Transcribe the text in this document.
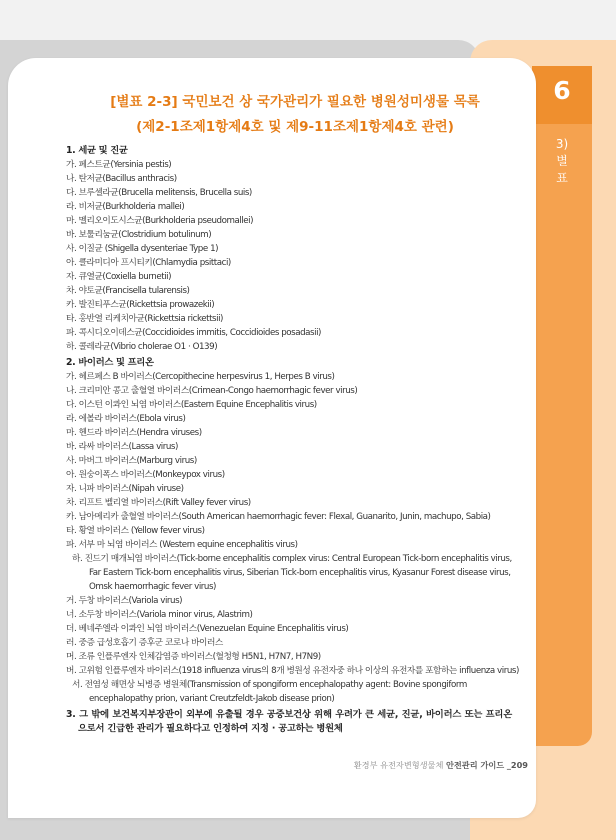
6
3)
별
표
[별표 2-3] 국민보건 상 국가관리가 필요한 병원성미생물 목록
(제2-1조제1항제4호 및 제9-11조제1항제4호 관련)
1. 세균 및 진균
가. 페스트균(Yersinia pestis)
나. 탄저균(Bacillus anthracis)
다. 브루셀라균(Brucella melitensis, Brucella suis)
라. 비저균(Burkholderia mallei)
마. 멜리오이도시스균(Burkholderia pseudomallei)
바. 보툴리눔균(Clostridium botulinum)
사. 이질균 (Shigella dysenteriae Type 1)
아. 클라미디아 프시티키(Chlamydia psittaci)
자. 큐열균(Coxiella burnetii)
차. 야토균(Francisella tularensis)
카. 발진티푸스균(Rickettsia prowazekii)
타. 홍반열 리케치아균(Rickettsia rickettsii)
파. 콕시디오이데스균(Coccidioides immitis, Coccidioides posadasii)
하. 콜레라균(Vibrio cholerae O1 · O139)
2. 바이러스 및 프리온
가. 헤르페스 B 바이러스(Cercopithecine herpesvirus 1, Herpes B virus)
나. 크리미안 콩고 출혈열 바이러스(Crimean-Congo haemorrhagic fever virus)
다. 이스턴 이콰인 뇌염 바이러스(Eastern Equine Encephalitis virus)
라. 에볼라 바이러스(Ebola virus)
마. 헨드라 바이러스(Hendra viruses)
바. 라싸 바이러스(Lassa virus)
사. 마버그 바이러스(Marburg virus)
아. 원숭이폭스 바이러스(Monkeypox virus)
자. 니파 바이러스(Nipah viruse)
차. 리프트 벨리열 바이러스(Rift Valley fever virus)
카. 남아메리카 출혈열 바이러스(South American haemorrhagic fever: Flexal, Guanarito, Junin, machupo, Sabia)
타. 황열 바이러스 (Yellow fever virus)
파. 서부 마 뇌염 바이러스 (Western equine encephalitis virus)
하. 진드기 매개뇌염 바이러스(Tick-borne encephalitis complex virus: Central European Tick-born encephalitis virus, Far Eastern Tick-born encephalitis virus, Siberian Tick-born encephalitis virus, Kyasanur Forest disease virus, Omsk haemorrhagic fever virus)
거. 두창 바이러스(Variola virus)
너. 소두창 바이러스(Variola minor virus, Alastrim)
더. 베네주엘라 이콰인 뇌염 바이러스(Venezuelan Equine Encephalitis virus)
러. 중증 급성호흡기 증후군 코로나 바이러스
머. 조류 인플루엔자 인체감염증 바이러스(혈청형 H5N1, H7N7, H7N9)
버. 고위험 인플루엔자 바이러스(1918 influenza virus의 8개 병원성 유전자중 하나 이상의 유전자를 포함하는 influenza virus)
서. 전염성 해면상 뇌병증 병원체(Transmission of spongiform encephalopathy agent: Bovine spongiform encephalopathy prion, variant Creutzfeldt-Jakob disease prion)
3. 그 밖에 보건복지부장관이 외부에 유출될 경우 공중보건상 위해 우려가 큰 세균, 진균, 바이러스 또는 프리온으로서 긴급한 관리가 필요하다고 인정하여 지정 · 공고하는 병원체
환경부 유전자변형생물체 안전관리 가이드 _209
